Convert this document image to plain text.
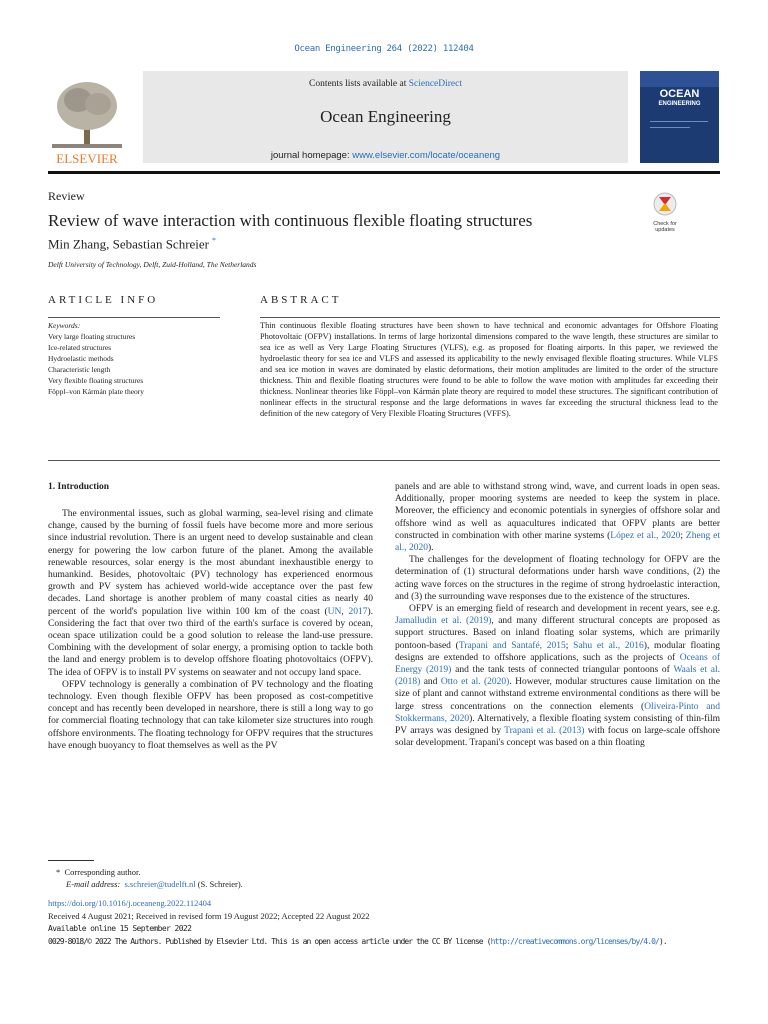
Ocean Engineering 264 (2022) 112404
ELSEVIER
Contents lists available at ScienceDirect
Ocean Engineering
journal homepage: www.elsevier.com/locate/oceaneng
OCEAN
ENGINEERING
Review
Review of wave interaction with continuous flexible floating structures
Min Zhang, Sebastian Schreier *
Delft University of Technology, Delft, Zuid-Holland, The Netherlands
Check for
updates
ARTICLE INFO	ABSTRACT
Keywords:
Very large floating structures
Ice-related structures
Hydroelastic methods
Characteristic length
Very flexible floating structures
Föppl–von Kármán plate theory
Thin continuous flexible floating structures have been shown to have technical and economic advantages for Offshore Floating Photovoltaic (OFPV) installations. In terms of large horizontal dimensions compared to the wave length, these structures are similar to sea ice as well as Very Large Floating Structures (VLFS), e.g. as proposed for floating airports. In this paper, we reviewed the hydroelastic theory for sea ice and VLFS and assessed its applicability to the newly envisaged flexible floating structures. While VLFS and sea ice motion in waves are dominated by elastic deformations, their motion amplitudes are limited to the order of the structure thickness. Thin and flexible floating structures were found to be able to follow the wave motion with amplitudes far exceeding their thickness. Nonlinear theories like Föppl–von Kármán plate theory are required to model these structures. The significant contribution of nonlinear effects in the structural response and the large deformations in waves far exceeding the structural thickness lead to the definition of the new category of Very Flexible Floating Structures (VFFS).
1. Introduction

The environmental issues, such as global warming, sea-level rising and climate change, caused by the burning of fossil fuels have become more and more serious since industrial revolution. There is an urgent need to develop sustainable and clean energy for powering the low carbon future of the planet. Among the available renewable resources, solar energy is the most abundant inexhaustible energy to humankind. Besides, photovoltaic (PV) technology has experienced enormous growth and PV system has achieved world-wide acceptance over the past few decades. Land shortage is another problem of many coastal cities as nearly 40 percent of the world's population live within 100 km of the coast (UN, 2017). Considering the fact that over two third of the earth's surface is covered by ocean, ocean space utilization could be a good solution to release the land-use pressure. Combining with the development of solar energy, a promising option to tackle both the land and energy problem is to develop offshore floating photovoltaics (OFPV). The idea of OFPV is to install PV systems on seawater and not occupy land space.

OFPV technology is generally a combination of PV technology and the floating technology. Even though flexible OFPV has been proposed as cost-competitive concept and has recently been developed in nearshore, there is still a long way to go for commercial floating technology that can take kilometer size structures into rough offshore environments. The floating technology for OFPV requires that the structures have enough buoyancy to float themselves as well as the PV

panels and are able to withstand strong wind, wave, and current loads in open seas. Additionally, proper mooring systems are needed to keep the system in place. Moreover, the efficiency and economic potentials in synergies of offshore solar and offshore wind as well as aquacultures indicated that OFPV plants are better constructed in combination with other marine systems (López et al., 2020; Zheng et al., 2020).

The challenges for the development of floating technology for OFPV are the determination of (1) structural deformations under harsh wave conditions, (2) the acting wave forces on the structures in the regime of strong hydroelastic interaction, and (3) the surrounding wave responses due to the existence of the structures.

OFPV is an emerging field of research and development in recent years, see e.g. Jamalludin et al. (2019), and many different structural concepts are proposed as support structures. Based on inland floating solar systems, which are primarily pontoon-based (Trapani and Santafé, 2015; Sahu et al., 2016), modular floating designs are extended to offshore applications, such as the projects of Oceans of Energy (2019) and the tank tests of connected triangular pontoons of Waals et al. (2018) and Otto et al. (2020). However, modular structures cause limitation on the size of plant and cannot withstand extreme environmental conditions as there will be large stress concentrations on the connection elements (Oliveira-Pinto and Stokkermans, 2020). Alternatively, a flexible floating system consisting of thin-film PV arrays was designed by Trapani et al. (2013) with focus on large-scale offshore solar development. Trapani's concept was based on a thin floating

* Corresponding author.
E-mail address: s.schreier@tudelft.nl (S. Schreier).
https://doi.org/10.1016/j.oceaneng.2022.112404
Received 4 August 2021; Received in revised form 19 August 2022; Accepted 22 August 2022
Available online 15 September 2022
0029-8018/© 2022 The Authors. Published by Elsevier Ltd. This is an open access article under the CC BY license (http://creativecommons.org/licenses/by/4.0/).
